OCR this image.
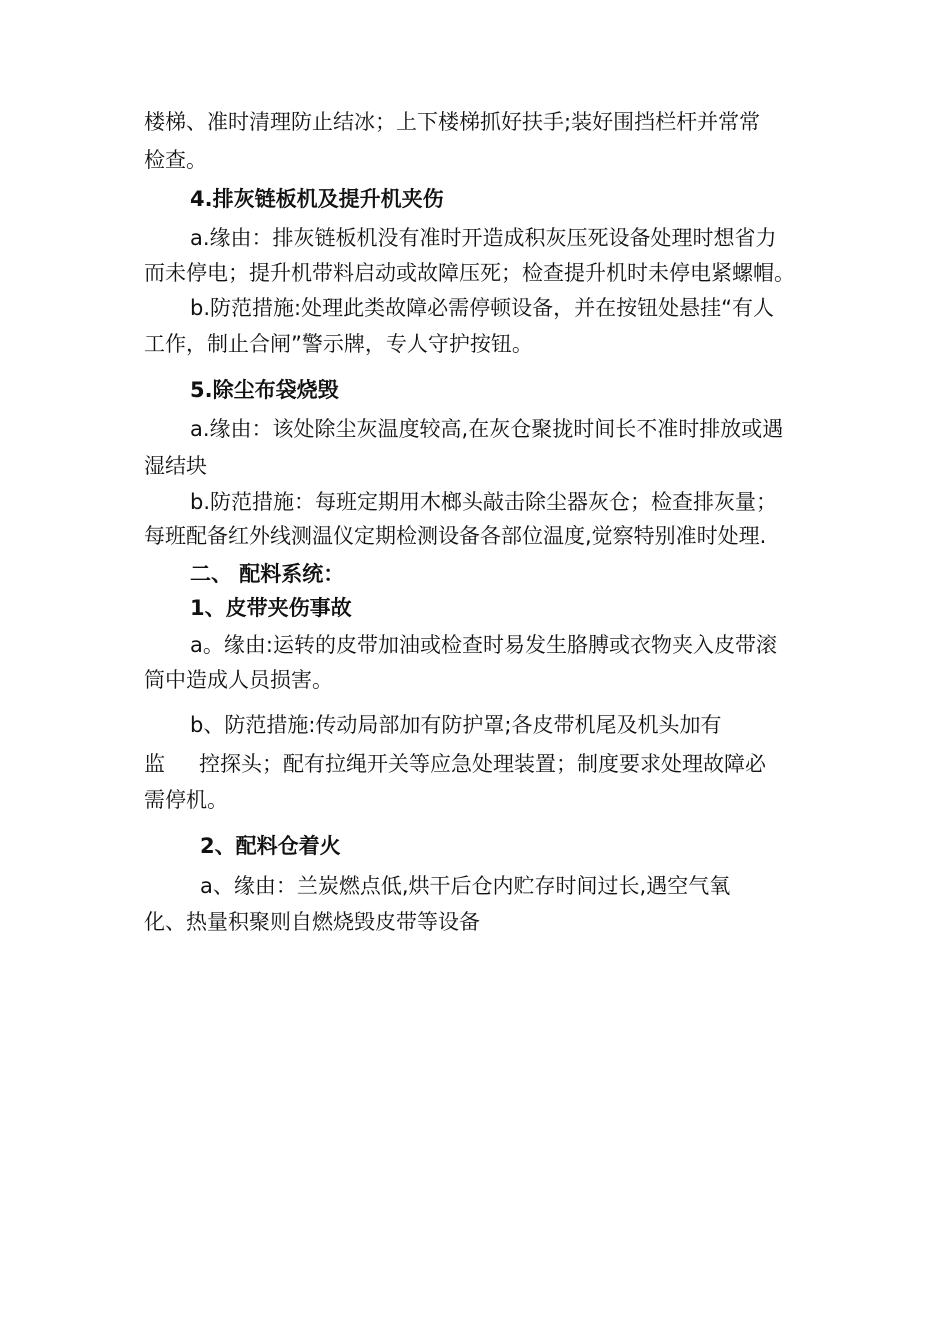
楼梯、准时清理防止结冰；上下楼梯抓好扶手;装好围挡栏杆并常常

检查。

4.排灰链板机及提升机夹伤

a.缘由：排灰链板机没有准时开造成积灰压死设备处理时想省力

而未停电；提升机带料启动或故障压死；检查提升机时未停电紧螺帽。

b.防范措施:处理此类故障必需停顿设备，并在按钮处悬挂“有人

工作，制止合闸”警示牌，专人守护按钮。

5.除尘布袋烧毁

a.缘由：该处除尘灰温度较高,在灰仓聚拢时间长不准时排放或遇

湿结块

b.防范措施：每班定期用木榔头敲击除尘器灰仓；检查排灰量；

每班配备红外线测温仪定期检测设备各部位温度,觉察特别准时处理.

二、 配料系统：

1、皮带夹伤事故

a。缘由:运转的皮带加油或检查时易发生胳膊或衣物夹入皮带滚

筒中造成人员损害。

b、防范措施:传动局部加有防护罩;各皮带机尾及机头加有

监 控探头；配有拉绳开关等应急处理装置；制度要求处理故障必

需停机。

2、配料仓着火

a、缘由：兰炭燃点低,烘干后仓内贮存时间过长,遇空气氧

化、热量积聚则自燃烧毁皮带等设备
